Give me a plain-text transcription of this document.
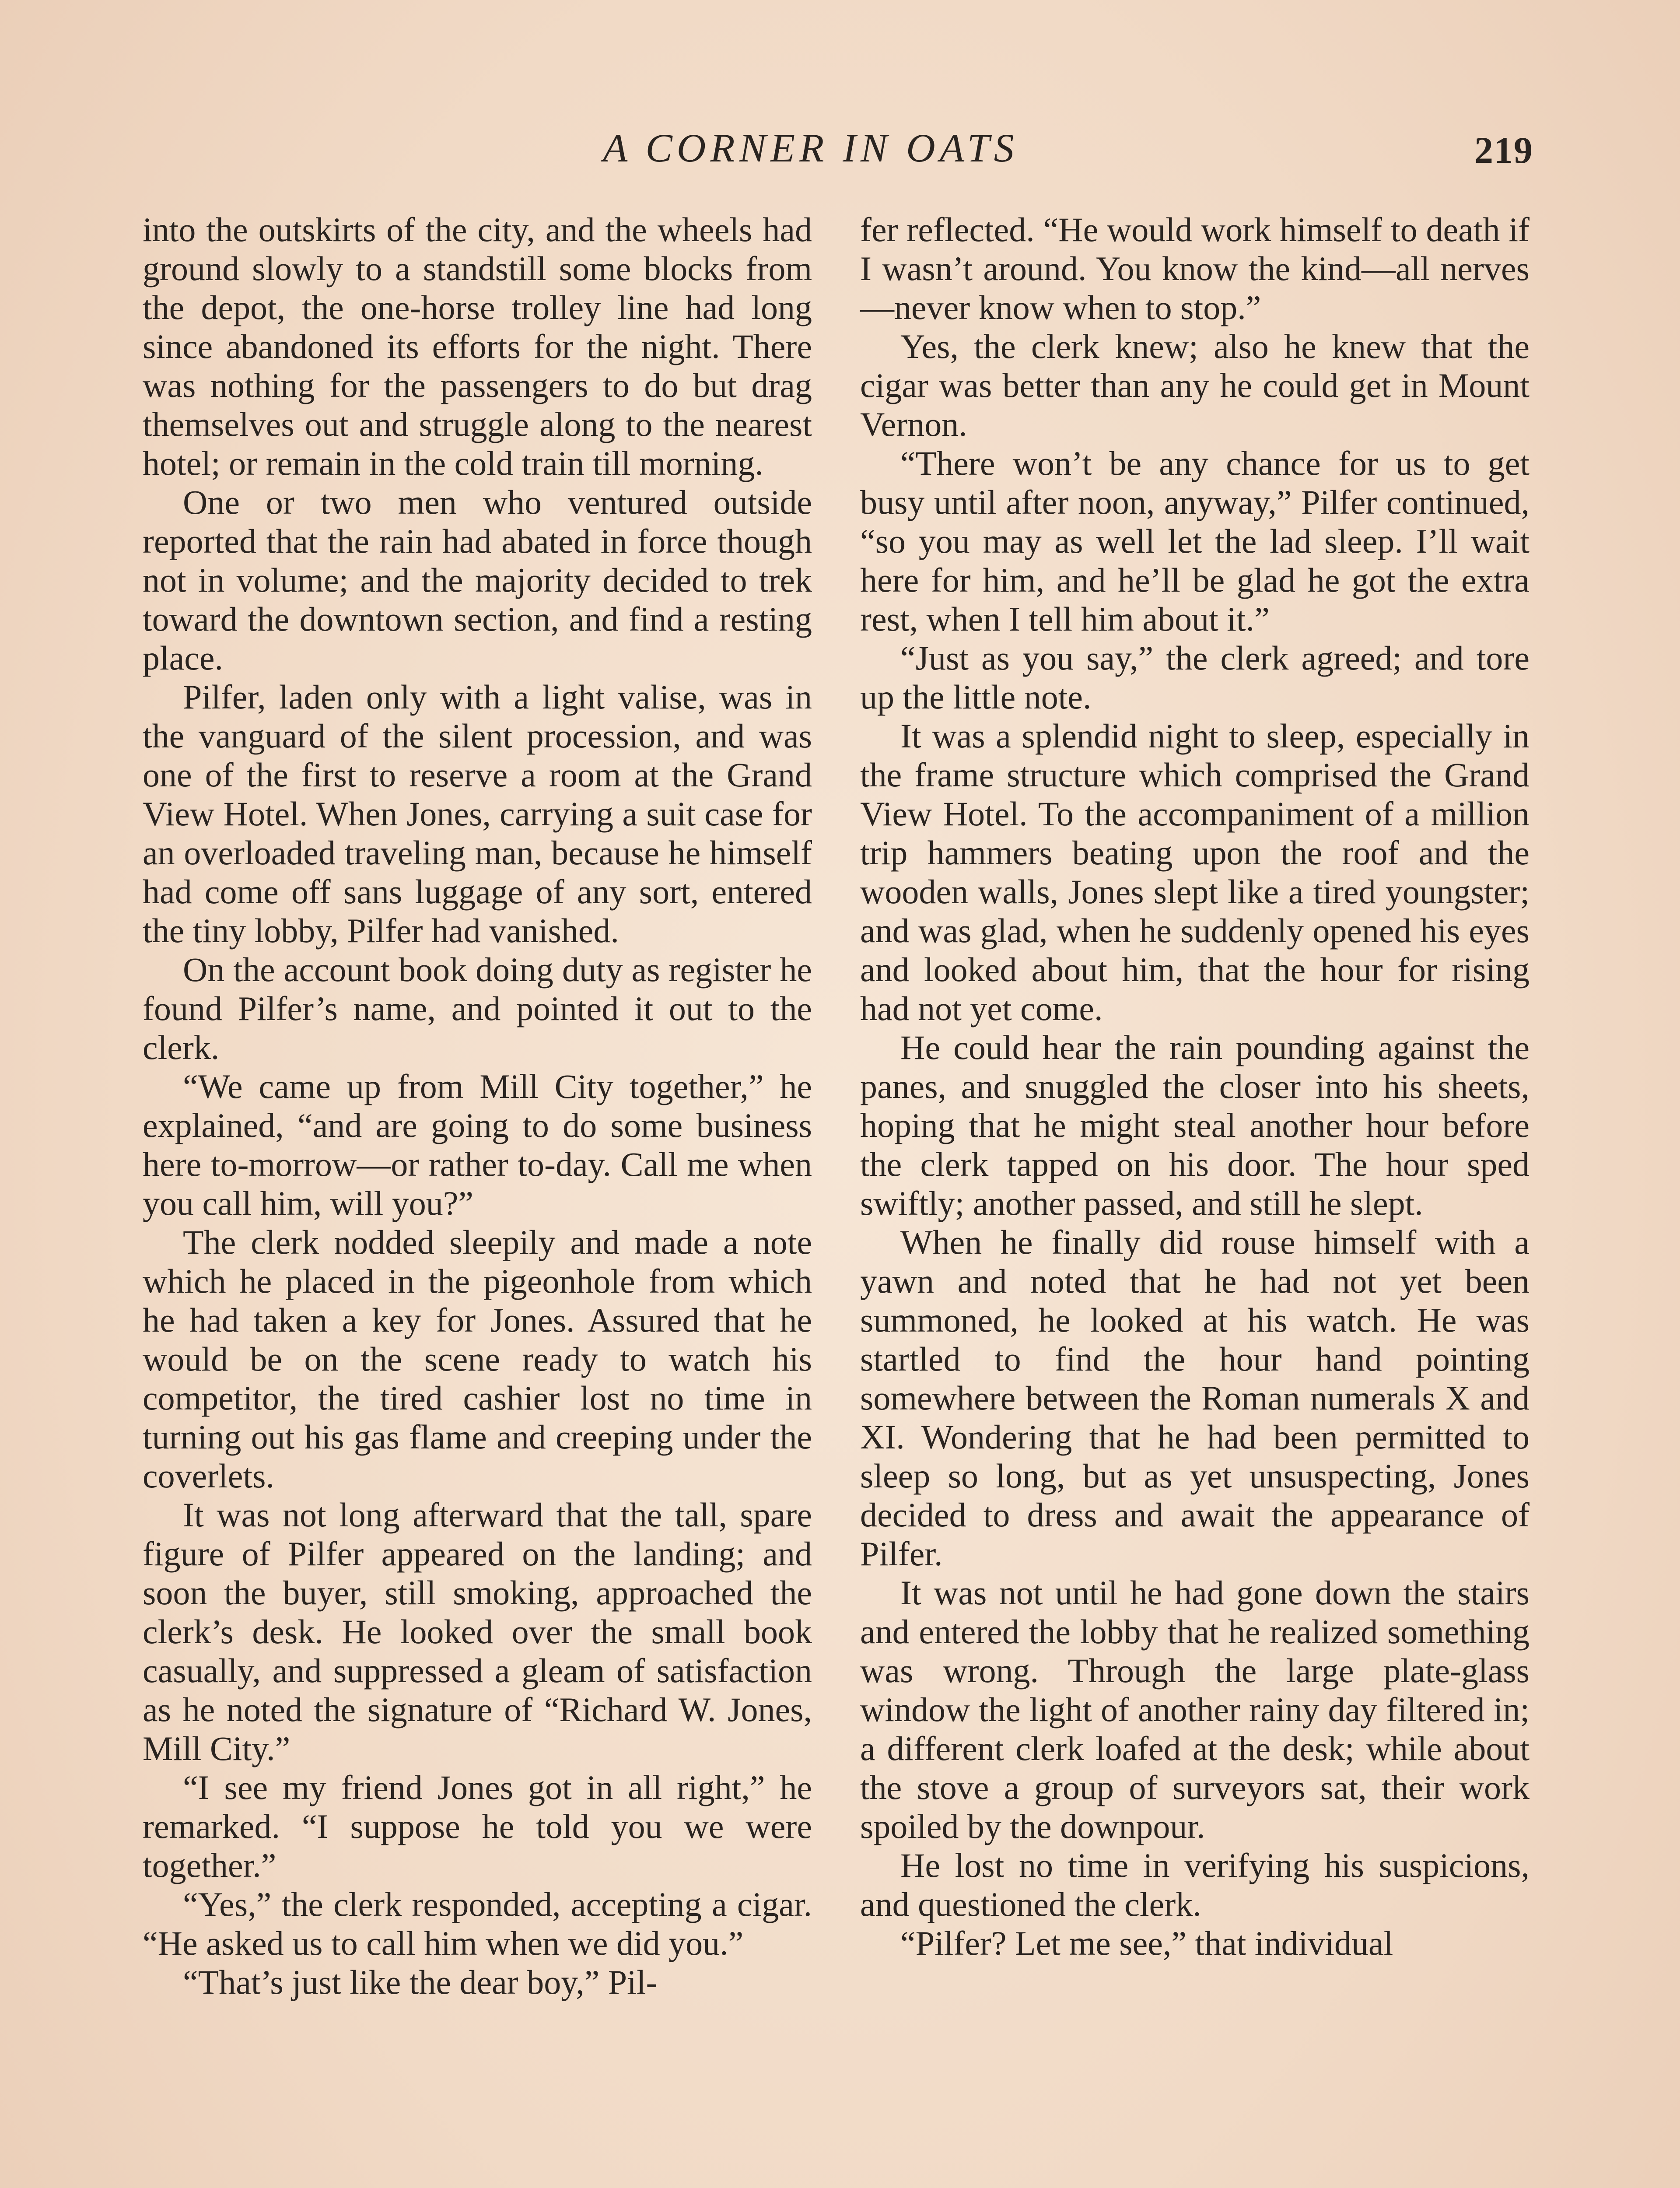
A CORNER IN OATS	219

into the outskirts of the city, and the wheels had ground slowly to a standstill some blocks from the depot, the one-horse trolley line had long since abandoned its efforts for the night. There was nothing for the passengers to do but drag themselves out and struggle along to the nearest hotel; or remain in the cold train till morning.

One or two men who ventured outside reported that the rain had abated in force though not in volume; and the majority decided to trek toward the downtown section, and find a resting place.

Pilfer, laden only with a light valise, was in the vanguard of the silent procession, and was one of the first to reserve a room at the Grand View Hotel. When Jones, carrying a suit case for an overloaded traveling man, because he himself had come off sans luggage of any sort, entered the tiny lobby, Pilfer had vanished.

On the account book doing duty as register he found Pilfer’s name, and pointed it out to the clerk.

“We came up from Mill City together,” he explained, “and are going to do some business here to-morrow—or rather to-day. Call me when you call him, will you?”

The clerk nodded sleepily and made a note which he placed in the pigeonhole from which he had taken a key for Jones. Assured that he would be on the scene ready to watch his competitor, the tired cashier lost no time in turning out his gas flame and creeping under the coverlets.

It was not long afterward that the tall, spare figure of Pilfer appeared on the landing; and soon the buyer, still smoking, approached the clerk’s desk. He looked over the small book casually, and suppressed a gleam of satisfaction as he noted the signature of “Richard W. Jones, Mill City.”

“I see my friend Jones got in all right,” he remarked. “I suppose he told you we were together.”

“Yes,” the clerk responded, accepting a cigar. “He asked us to call him when we did you.”

“That’s just like the dear boy,” Pil-

fer reflected. “He would work himself to death if I wasn’t around. You know the kind—all nerves—never know when to stop.”

Yes, the clerk knew; also he knew that the cigar was better than any he could get in Mount Vernon.

“There won’t be any chance for us to get busy until after noon, anyway,” Pilfer continued, “so you may as well let the lad sleep. I’ll wait here for him, and he’ll be glad he got the extra rest, when I tell him about it.”

“Just as you say,” the clerk agreed; and tore up the little note.

It was a splendid night to sleep, especially in the frame structure which comprised the Grand View Hotel. To the accompaniment of a million trip hammers beating upon the roof and the wooden walls, Jones slept like a tired youngster; and was glad, when he suddenly opened his eyes and looked about him, that the hour for rising had not yet come.

He could hear the rain pounding against the panes, and snuggled the closer into his sheets, hoping that he might steal another hour before the clerk tapped on his door. The hour sped swiftly; another passed, and still he slept.

When he finally did rouse himself with a yawn and noted that he had not yet been summoned, he looked at his watch. He was startled to find the hour hand pointing somewhere between the Roman numerals X and XI. Wondering that he had been permitted to sleep so long, but as yet unsuspecting, Jones decided to dress and await the appearance of Pilfer.

It was not until he had gone down the stairs and entered the lobby that he realized something was wrong. Through the large plate-glass window the light of another rainy day filtered in; a different clerk loafed at the desk; while about the stove a group of surveyors sat, their work spoiled by the downpour.

He lost no time in verifying his suspicions, and questioned the clerk.

“Pilfer? Let me see,” that individual
